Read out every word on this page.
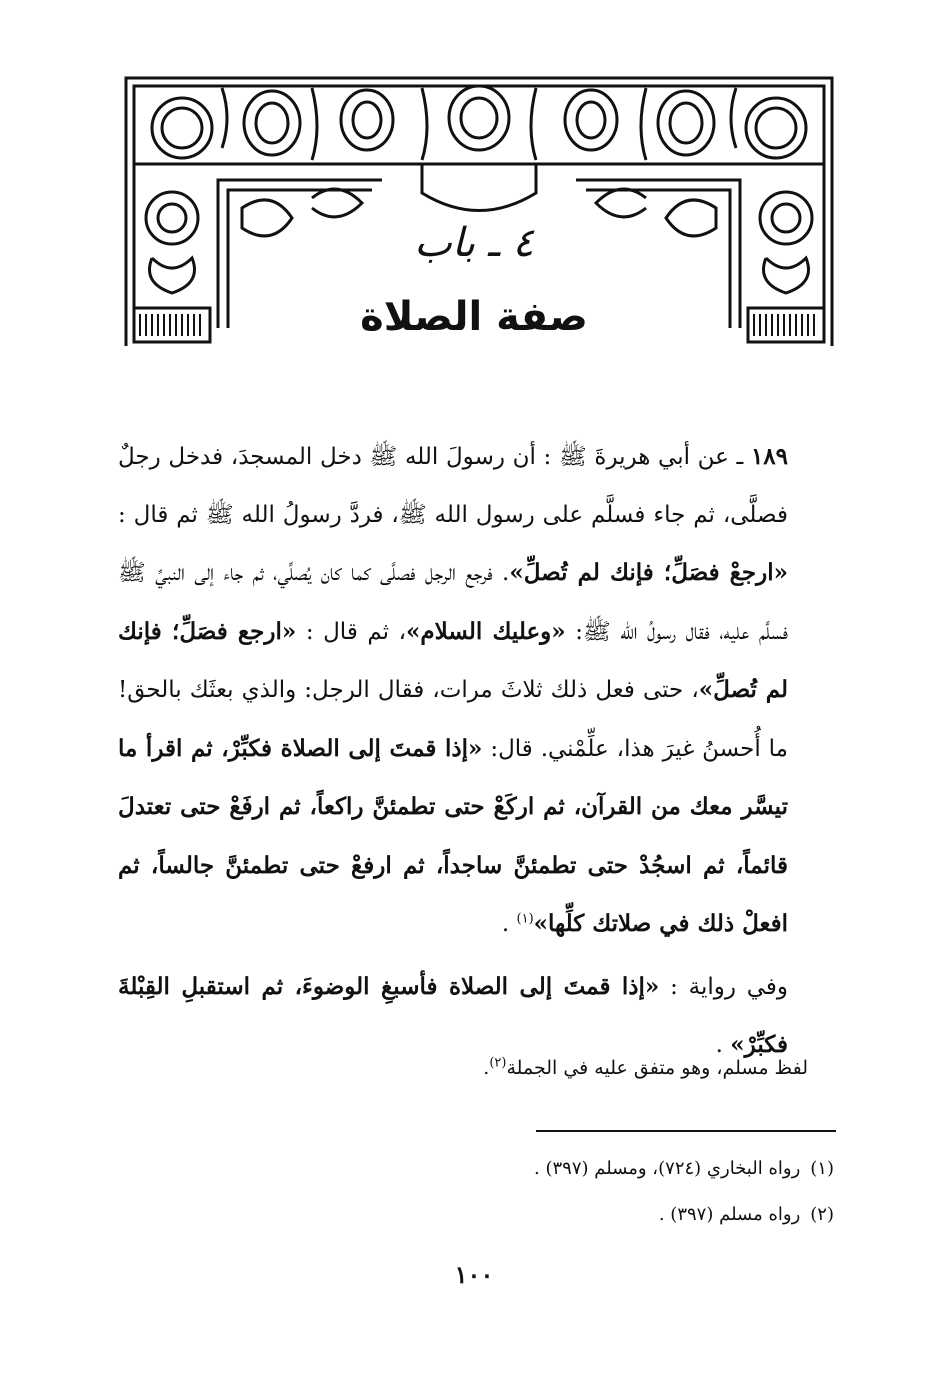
٤ ـ باب
صفة الصلاة

١٨٩ ـ عن أبي هريرةَ ﷺ : أن رسولَ الله ﷺ دخل المسجدَ، فدخل رجلٌ فصلَّى، ثم جاء فسلَّم على رسول الله ﷺ، فردَّ رسولُ الله ﷺ ثم قال : «ارجعْ فصَلِّ؛ فإنك لم تُصلِّ». فرجع الرجل فصلَّى كما كان يُصلِّي، ثم جاء إلى النبيِّ ﷺ فسلَّم عليه، فقال رسولُ الله ﷺ: «وعليك السلام»، ثم قال : «ارجع فصَلِّ؛ فإنك لم تُصلِّ»، حتى فعل ذلك ثلاثَ مرات، فقال الرجل: والذي بعثَك بالحق! ما أُحسنُ غيرَ هذا، علِّمْني. قال: «إذا قمتَ إلى الصلاة فكبِّرْ، ثم اقرأ ما تيسَّر معك من القرآن، ثم اركَعْ حتى تطمئنَّ راكعاً، ثم ارفَعْ حتى تعتدلَ قائماً، ثم اسجُدْ حتى تطمئنَّ ساجداً، ثم ارفعْ حتى تطمئنَّ جالساً، ثم افعلْ ذلك في صلاتك كلِّها»$^{(١)}$ .

وفي رواية : «إذا قمتَ إلى الصلاة فأسبغِ الوضوءَ، ثم استقبلِ القِبْلةَ فكبِّرْ» .

لفظ مسلم، وهو متفق عليه في الجملة$^{(٢)}$.
(١)رواه البخاري (٧٢٤)، ومسلم (٣٩٧) .
(٢)رواه مسلم (٣٩٧) .
١٠٠
